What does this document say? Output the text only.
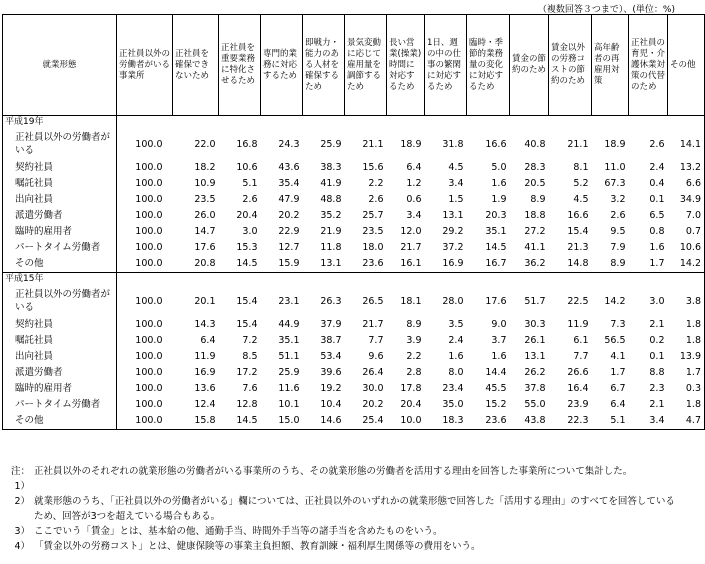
（複数回答３つまで）、(単位：%)
就業形態	正社員以外の労働者がいる事業所	正社員を確保できないため	正社員を重要業務に特化させるため	専門的業務に対応するため	即戦力・能力のある人材を確保するため	景気変動に応じて雇用量を調節するため	長い営業(操業)時間に対応するため	1日、週の中の仕事の繁閑に対応するため	臨時・季節的業務量の変化に対応するため	賃金の節約のため	賃金以外の労務コストの節約のため	高年齢者の再雇用対策	正社員の育児・介護休業対策の代替のため	その他
平成19年														

正社員以外の労働者がいる	100.0	22.0	16.8	24.3	25.9	21.1	18.9	31.8	16.6	40.8	21.1	18.9	2.6	14.1

契約社員	100.0	18.2	10.6	43.6	38.3	15.6	6.4	4.5	5.0	28.3	8.1	11.0	2.4	13.2

嘱託社員	100.0	10.9	5.1	35.4	41.9	2.2	1.2	3.4	1.6	20.5	5.2	67.3	0.4	6.6

出向社員	100.0	23.5	2.6	47.9	48.8	2.6	0.6	1.5	1.9	8.9	4.5	3.2	0.1	34.9

派遣労働者	100.0	26.0	20.4	20.2	35.2	25.7	3.4	13.1	20.3	18.8	16.6	2.6	6.5	7.0

臨時的雇用者	100.0	14.7	3.0	22.9	21.9	23.5	12.0	29.2	35.1	27.2	15.4	9.5	0.8	0.7

パートタイム労働者	100.0	17.6	15.3	12.7	11.8	18.0	21.7	37.2	14.5	41.1	21.3	7.9	1.6	10.6

その他	100.0	20.8	14.5	15.9	13.1	23.6	16.1	16.9	16.7	36.2	14.8	8.9	1.7	14.2
平成15年														

正社員以外の労働者がいる	100.0	20.1	15.4	23.1	26.3	26.5	18.1	28.0	17.6	51.7	22.5	14.2	3.0	3.8

契約社員	100.0	14.3	15.4	44.9	37.9	21.7	8.9	3.5	9.0	30.3	11.9	7.3	2.1	1.8

嘱託社員	100.0	6.4	7.2	35.1	38.7	7.7	3.9	2.4	3.7	26.1	6.1	56.5	0.2	1.8

出向社員	100.0	11.9	8.5	51.1	53.4	9.6	2.2	1.6	1.6	13.1	7.7	4.1	0.1	13.9

派遣労働者	100.0	16.9	17.2	25.9	39.6	26.4	2.8	8.0	14.4	26.2	26.6	1.7	8.8	1.7

臨時的雇用者	100.0	13.6	7.6	11.6	19.2	30.0	17.8	23.4	45.5	37.8	16.4	6.7	2.3	0.3

パートタイム労働者	100.0	12.4	12.8	10.1	10.4	20.2	20.4	35.0	15.2	55.0	23.9	6.4	2.1	1.8

その他	100.0	15.8	14.5	15.0	14.6	25.4	10.0	18.3	23.6	43.8	22.3	5.1	3.4	4.7
注：1）
正社員以外のそれぞれの就業形態の労働者がいる事業所のうち、その就業形態の労働者を活用する理由を回答した事業所について集計した。
2） 就業形態のうち、「正社員以外の労働者がいる」欄については、正社員以外のいずれかの就業形態で回答した「活用する理由」のすべてを回答しているため、回答が3つを超えている場合もある。
3） ここでいう「賃金」とは、基本給の他、通勤手当、時間外手当等の諸手当を含めたものをいう。
4） 「賃金以外の労務コスト」とは、健康保険等の事業主負担額、教育訓練・福利厚生関係等の費用をいう。
